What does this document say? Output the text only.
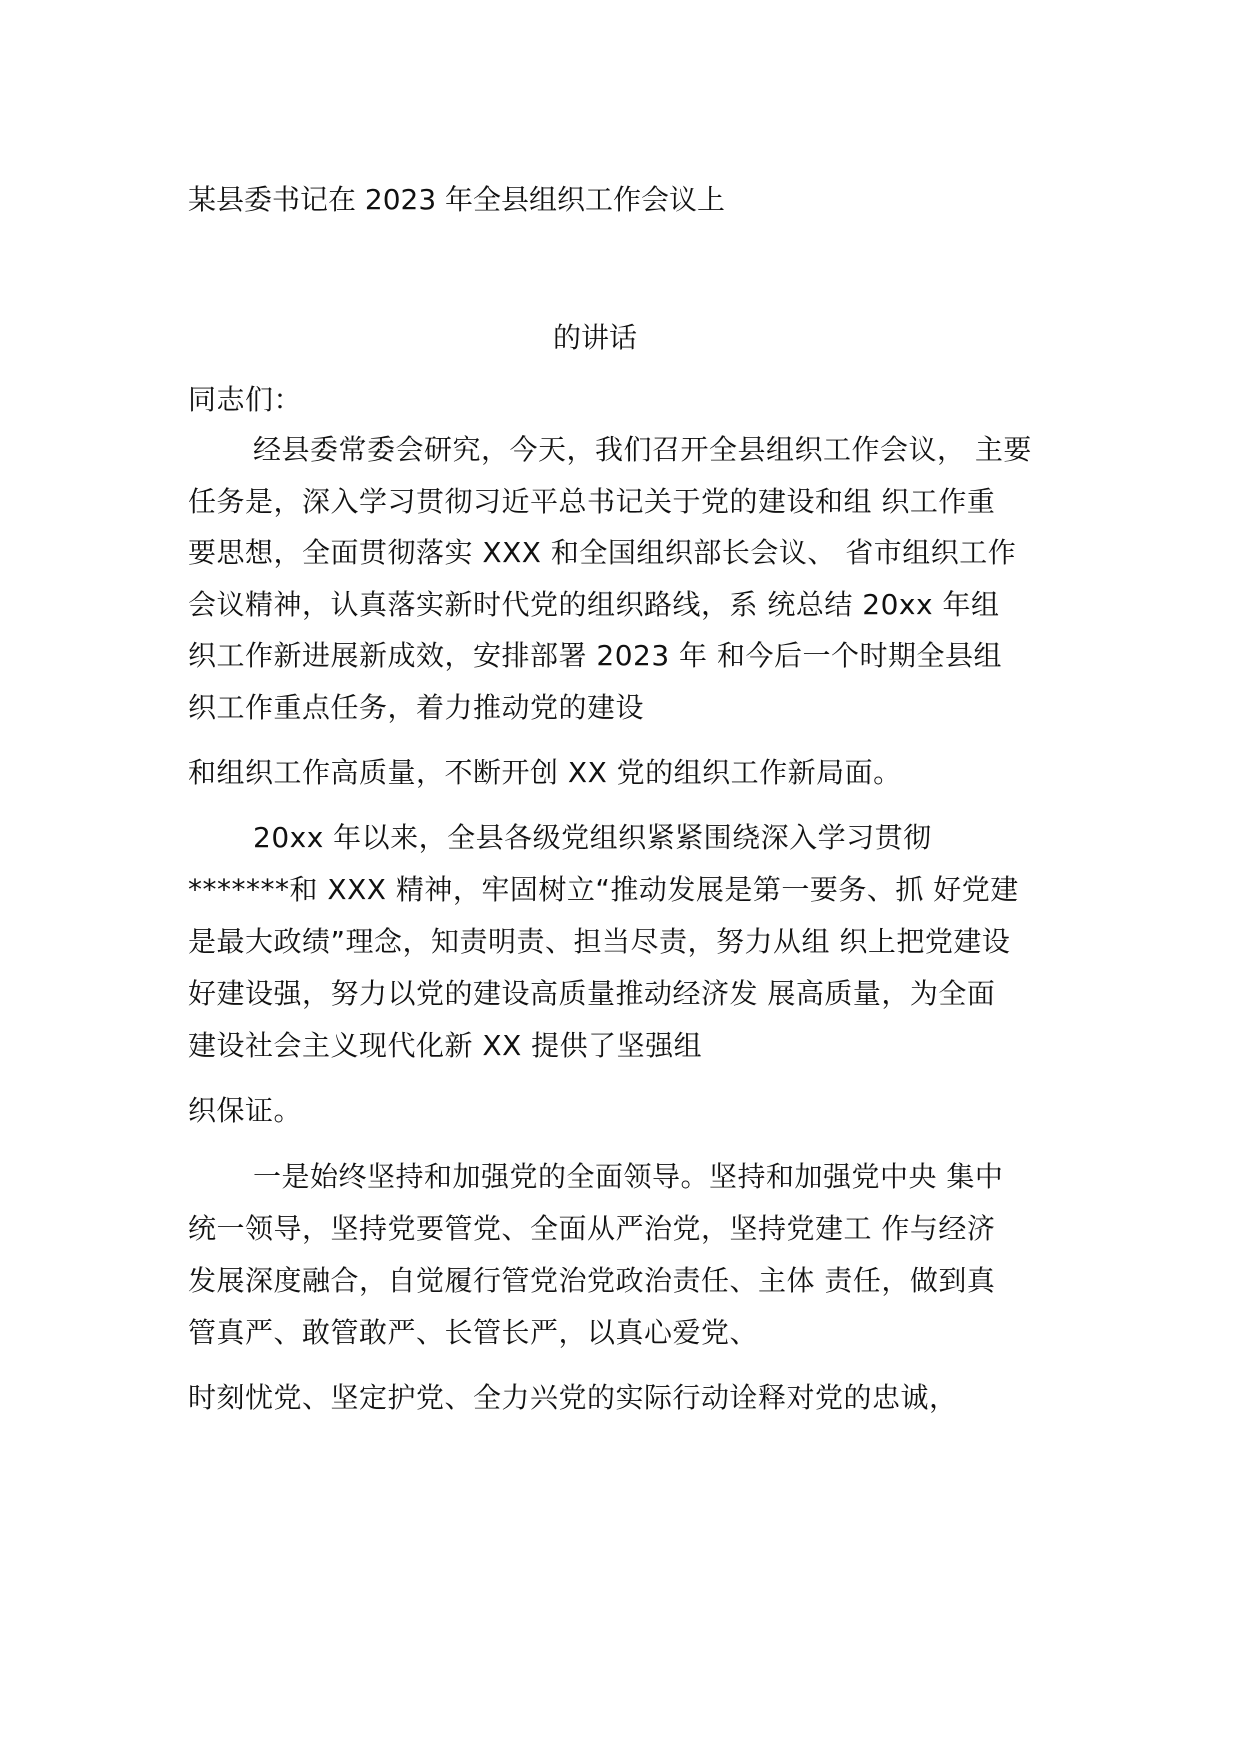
某县委书记在 2023 年全县组织工作会议上
的讲话
同志们：
经县委常委会研究，今天，我们召开全县组织工作会议， 主要
任务是，深入学习贯彻习近平总书记关于党的建设和组 织工作重
要思想，全面贯彻落实 XXX 和全国组织部长会议、 省市组织工作
会议精神，认真落实新时代党的组织路线，系 统总结 20xx 年组
织工作新进展新成效，安排部署 2023 年 和今后一个时期全县组
织工作重点任务，着力推动党的建设
和组织工作高质量，不断开创 XX 党的组织工作新局面。
20xx 年以来，全县各级党组织紧紧围绕深入学习贯彻
*******和 XXX 精神，牢固树立“推动发展是第一要务、抓 好党建
是最大政绩”理念，知责明责、担当尽责，努力从组 织上把党建设
好建设强，努力以党的建设高质量推动经济发 展高质量，为全面
建设社会主义现代化新 XX 提供了坚强组
织保证。
一是始终坚持和加强党的全面领导。坚持和加强党中央 集中
统一领导，坚持党要管党、全面从严治党，坚持党建工 作与经济
发展深度融合，自觉履行管党治党政治责任、主体 责任，做到真
管真严、敢管敢严、长管长严，以真心爱党、
时刻忧党、坚定护党、全力兴党的实际行动诠释对党的忠诚，
